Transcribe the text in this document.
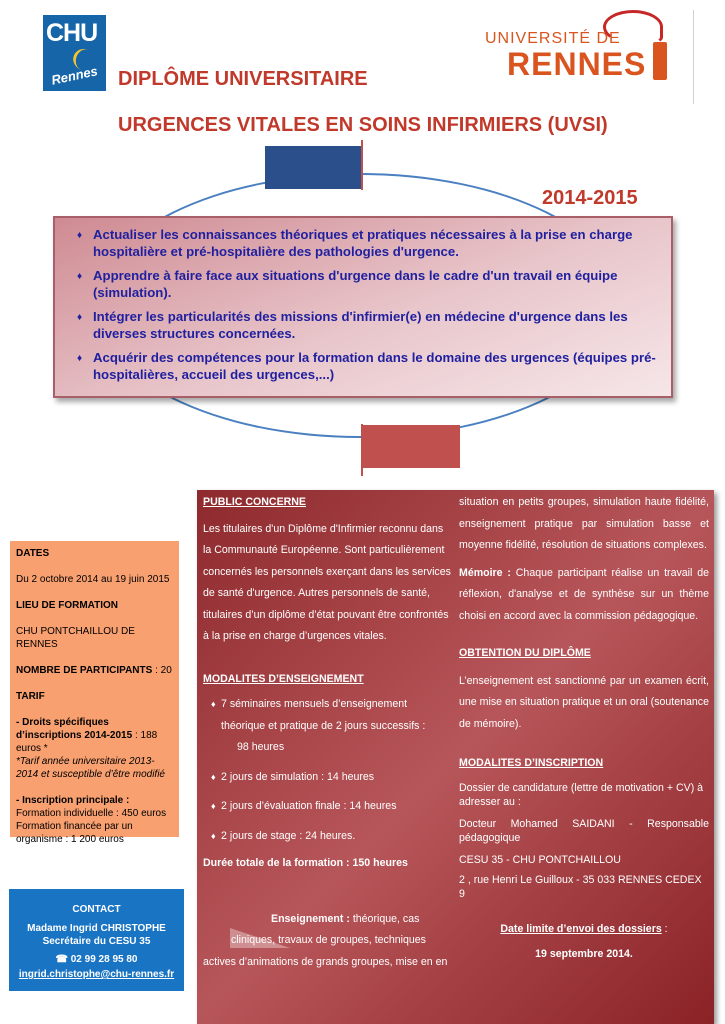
CHU
Rennes
UNIVERSITÉ DE
RENNES
DIPLÔME UNIVERSITAIRE
URGENCES VITALES EN SOINS INFIRMIERS (UVSI)
2014-2015
♦ Actualiser les connaissances théoriques et pratiques nécessaires à la prise en charge hospitalière et pré-hospitalière des pathologies d'urgence.
♦ Apprendre à faire face aux situations d'urgence dans le cadre d'un travail en équipe (simulation).
♦ Intégrer les particularités des missions d'infirmier(e) en médecine d'urgence dans les diverses structures concernées.
♦ Acquérir des compétences pour la formation dans le domaine des urgences (équipes pré-hospitalières, accueil des urgences,...)

DATES

Du 2 octobre 2014 au 19 juin 2015

LIEU DE FORMATION

CHU PONTCHAILLOU DE RENNES

NOMBRE DE PARTICIPANTS : 20

TARIF

- Droits spécifiques d’inscriptions 2014-2015 : 188 euros *

*Tarif année universitaire 2013-2014 et susceptible d’être modifié

- Inscription principale :

Formation individuelle : 450 euros

Formation financée par un organisme : 1 200 euros

CONTACT
Madame Ingrid CHRISTOPHE
Secrétaire du CESU 35
☎ 02 99 28 95 80
ingrid.christophe@chu-rennes.fr

PUBLIC CONCERNE

Les titulaires d'un Diplôme d'Infirmier reconnu dans la Communauté Européenne. Sont particulièrement concernés les personnels exerçant dans les services de santé d'urgence. Autres personnels de santé, titulaires d’un diplôme d’état pouvant être confrontés à la prise en charge d’urgences vitales.

MODALITES D’ENSEIGNEMENT

♦ 7 séminaires mensuels d’enseignement théorique et pratique de 2 jours successifs :

98 heures

♦ 2 jours de simulation : 14 heures

♦ 2 jours d’évaluation finale : 14 heures

♦ 2 jours de stage : 24 heures.

Durée totale de la formation : 150 heures

Enseignement : théorique, cas

cliniques, travaux de groupes, techniques

actives d’animations de grands groupes, mise en en

situation en petits groupes, simulation haute fidélité, enseignement pratique par simulation basse et moyenne fidélité, résolution de situations complexes.

Mémoire : Chaque participant réalise un travail de réflexion, d'analyse et de synthèse sur un thème choisi en accord avec la commission pédagogique.

OBTENTION DU DIPLÔME

L’enseignement est sanctionné par un examen écrit, une mise en situation pratique et un oral (soutenance de mémoire).

MODALITES D’INSCRIPTION

Dossier de candidature (lettre de motivation + CV) à adresser au :

Docteur Mohamed SAIDANI - Responsable pédagogique

CESU 35 - CHU PONTCHAILLOU

2 , rue Henri Le Guilloux - 35 033 RENNES CEDEX 9

Date limite d’envoi des dossiers :

19 septembre 2014.
